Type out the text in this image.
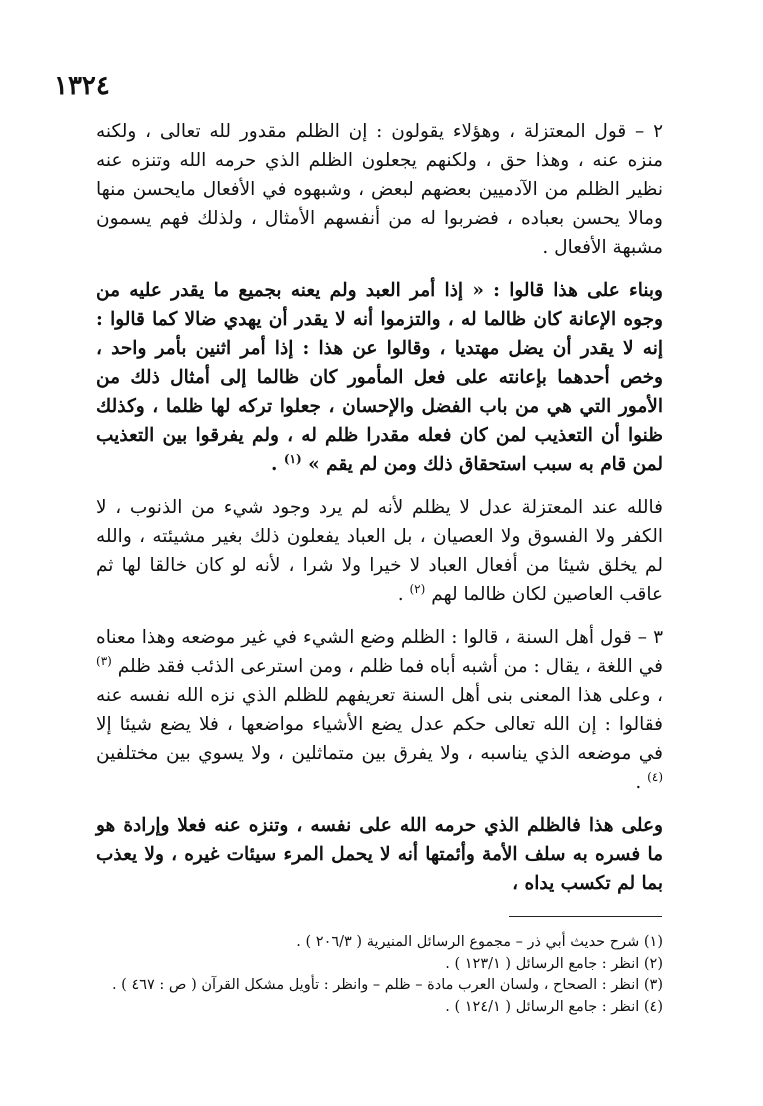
١٣٢٤

٢ – قول المعتزلة ، وهؤلاء يقولون : إن الظلم مقدور لله تعالى ، ولكنه منزه عنه ، وهذا حق ، ولكنهم يجعلون الظلم الذي حرمه الله وتنزه عنه نظير الظلم من الآدميين بعضهم لبعض ، وشبهوه في الأفعال مايحسن منها ومالا يحسن بعباده ، فضربوا له من أنفسهم الأمثال ، ولذلك فهم يسمون مشبهة الأفعال .

وبناء على هذا قالوا : « إذا أمر العبد ولم يعنه بجميع ما يقدر عليه من وجوه الإعانة كان ظالما له ، والتزموا أنه لا يقدر أن يهدي ضالا كما قالوا : إنه لا يقدر أن يضل مهتديا ، وقالوا عن هذا : إذا أمر اثنين بأمر واحد ، وخص أحدهما بإعانته على فعل المأمور كان ظالما إلى أمثال ذلك من الأمور التي هي من باب الفضل والإحسان ، جعلوا تركه لها ظلما ، وكذلك ظنوا أن التعذيب لمن كان فعله مقدرا ظلم له ، ولم يفرقوا بين التعذيب لمن قام به سبب استحقاق ذلك ومن لم يقم » $^{(١)}$ .

فالله عند المعتزلة عدل لا يظلم لأنه لم يرد وجود شيء من الذنوب ، لا الكفر ولا الفسوق ولا العصيان ، بل العباد يفعلون ذلك بغير مشيئته ، والله لم يخلق شيئا من أفعال العباد لا خيرا ولا شرا ، لأنه لو كان خالقا لها ثم عاقب العاصين لكان ظالما لهم $^{(٢)}$ .

٣ – قول أهل السنة ، قالوا : الظلم وضع الشيء في غير موضعه وهذا معناه في اللغة ، يقال : من أشبه أباه فما ظلم ، ومن استرعى الذئب فقد ظلم $^{(٣)}$ ، وعلى هذا المعنى بنى أهل السنة تعريفهم للظلم الذي نزه الله نفسه عنه فقالوا : إن الله تعالى حكم عدل يضع الأشياء مواضعها ، فلا يضع شيئا إلا في موضعه الذي يناسبه ، ولا يفرق بين متماثلين ، ولا يسوي بين مختلفين $^{(٤)}$ .

وعلى هذا فالظلم الذي حرمه الله على نفسه ، وتنزه عنه فعلا وإرادة هو ما فسره به سلف الأمة وأئمتها أنه لا يحمل المرء سيئات غيره ، ولا يعذب بما لم تكسب يداه ،

(١) شرح حديث أبي ذر – مجموع الرسائل المنيرية ( ٢٠٦/٣ ) .

(٢) انظر : جامع الرسائل ( ١٢٣/١ ) .

(٣) انظر : الصحاح ، ولسان العرب مادة – ظلم – وانظر : تأويل مشكل القرآن ( ص : ٤٦٧ ) .

(٤) انظر : جامع الرسائل ( ١٢٤/١ ) .
